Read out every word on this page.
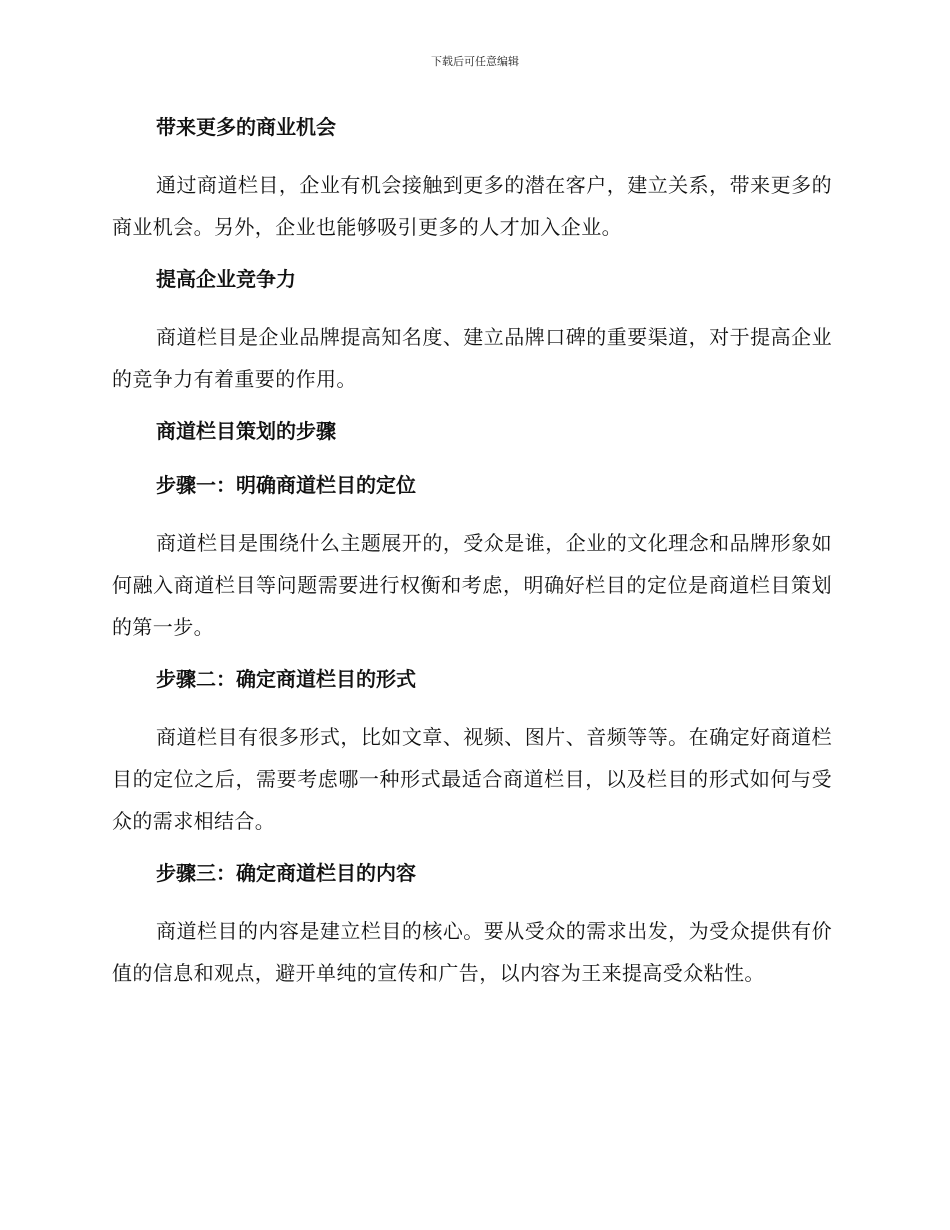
下载后可任意编辑
带来更多的商业机会

通过商道栏目，企业有机会接触到更多的潜在客户，建立关系，带来更多的商业机会。另外，企业也能够吸引更多的人才加入企业。

提高企业竞争力

商道栏目是企业品牌提高知名度、建立品牌口碑的重要渠道，对于提高企业的竞争力有着重要的作用。

商道栏目策划的步骤
步骤一：明确商道栏目的定位

商道栏目是围绕什么主题展开的，受众是谁，企业的文化理念和品牌形象如何融入商道栏目等问题需要进行权衡和考虑，明确好栏目的定位是商道栏目策划的第一步。

步骤二：确定商道栏目的形式

商道栏目有很多形式，比如文章、视频、图片、音频等等。在确定好商道栏目的定位之后，需要考虑哪一种形式最适合商道栏目，以及栏目的形式如何与受众的需求相结合。

步骤三：确定商道栏目的内容

商道栏目的内容是建立栏目的核心。要从受众的需求出发，为受众提供有价值的信息和观点，避开单纯的宣传和广告，以内容为王来提高受众粘性。
